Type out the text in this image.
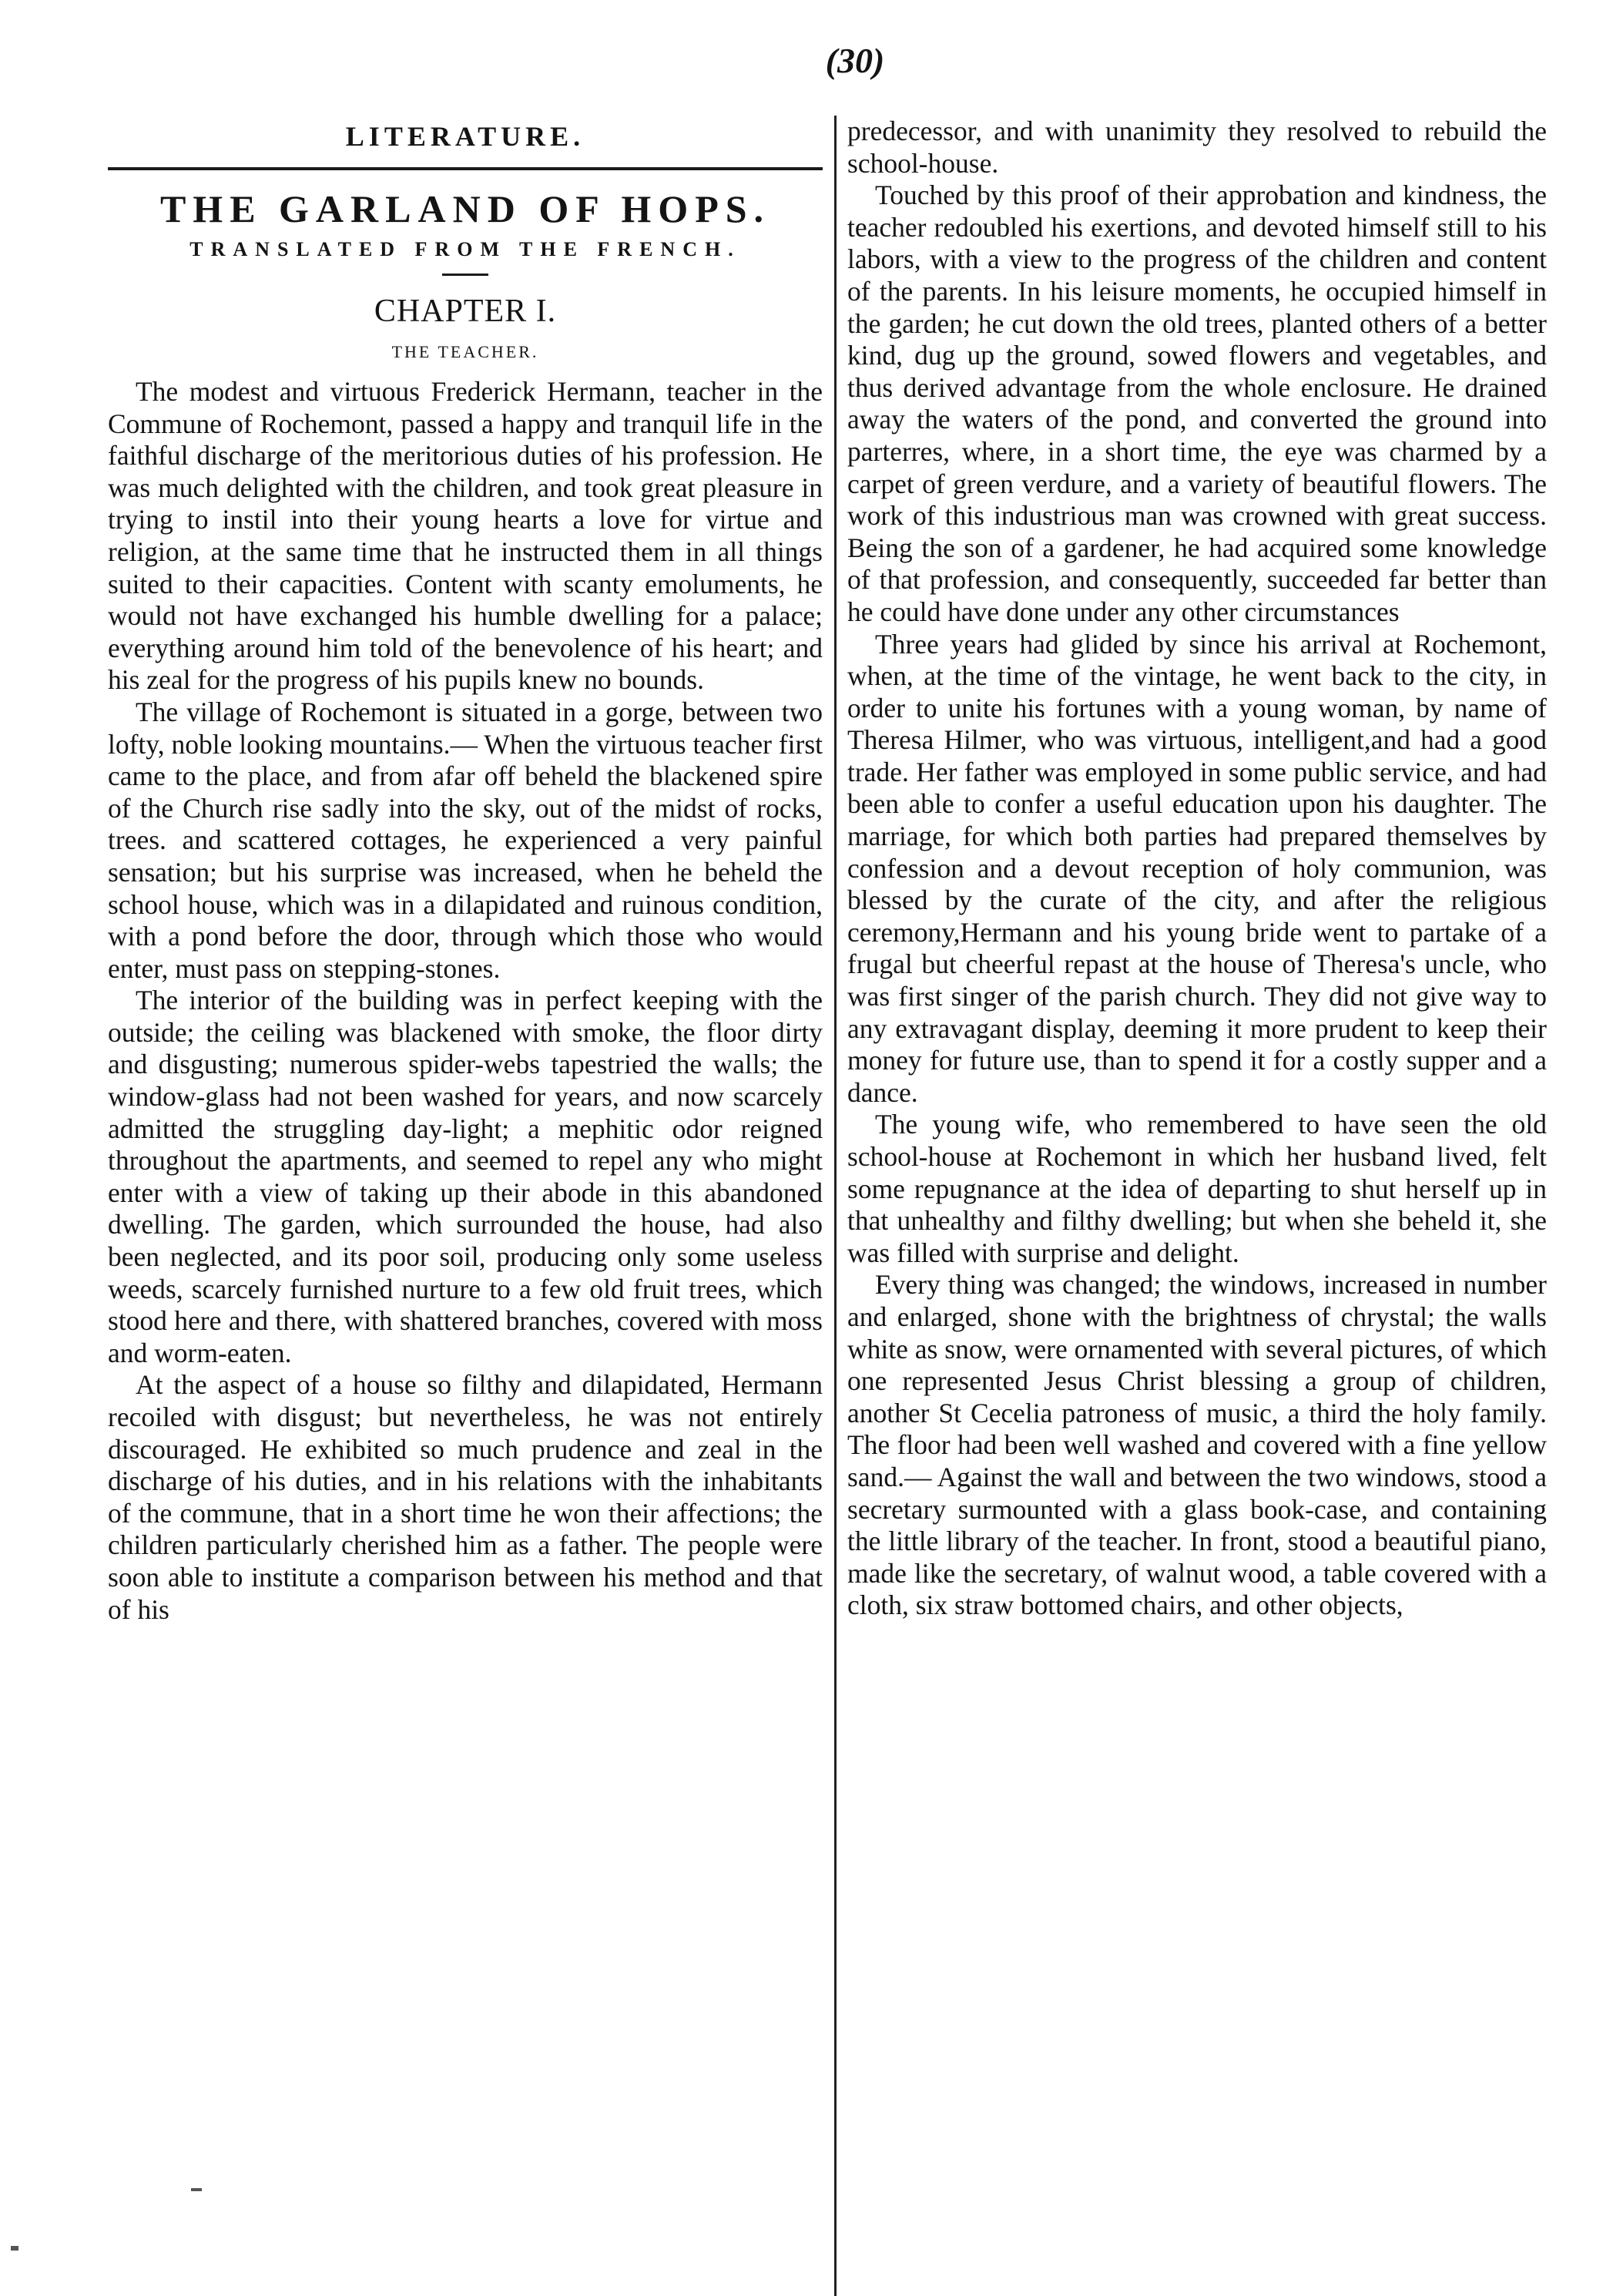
(30)
LITERATURE.
THE GARLAND OF HOPS.
TRANSLATED FROM THE FRENCH.
CHAPTER I.
THE TEACHER.

The modest and virtuous Frederick Hermann, teacher in the Commune of Rochemont, passed a happy and tranquil life in the faithful discharge of the meritorious duties of his profession. He was much delighted with the children, and took great pleasure in trying to instil into their young hearts a love for virtue and religion, at the same time that he instructed them in all things suited to their capacities. Content with scanty emoluments, he would not have exchanged his humble dwelling for a palace; everything around him told of the benevolence of his heart; and his zeal for the progress of his pupils knew no bounds.

The village of Rochemont is situated in a gorge, between two lofty, noble looking mountains.— When the virtuous teacher first came to the place, and from afar off beheld the blackened spire of the Church rise sadly into the sky, out of the midst of rocks, trees. and scattered cottages, he experienced a very painful sensation; but his surprise was increased, when he beheld the school house, which was in a dilapidated and ruinous condition, with a pond before the door, through which those who would enter, must pass on stepping-stones.

The interior of the building was in perfect keeping with the outside; the ceiling was blackened with smoke, the floor dirty and disgusting; numerous spider-webs tapestried the walls; the window-glass had not been washed for years, and now scarcely admitted the struggling day-light; a mephitic odor reigned throughout the apartments, and seemed to repel any who might enter with a view of taking up their abode in this abandoned dwelling. The garden, which surrounded the house, had also been neglected, and its poor soil, producing only some useless weeds, scarcely furnished nurture to a few old fruit trees, which stood here and there, with shattered branches, covered with moss and worm-eaten.

At the aspect of a house so filthy and dilapidated, Hermann recoiled with disgust; but nevertheless, he was not entirely discouraged. He exhibited so much prudence and zeal in the discharge of his duties, and in his relations with the inhabitants of the commune, that in a short time he won their affections; the children particularly cherished him as a father. The people were soon able to institute a comparison between his method and that of his

predecessor, and with unanimity they resolved to rebuild the school-house.

Touched by this proof of their approbation and kindness, the teacher redoubled his exertions, and devoted himself still to his labors, with a view to the progress of the children and content of the parents. In his leisure moments, he occupied himself in the garden; he cut down the old trees, planted others of a better kind, dug up the ground, sowed flowers and vegetables, and thus derived advantage from the whole enclosure. He drained away the waters of the pond, and converted the ground into parterres, where, in a short time, the eye was charmed by a carpet of green verdure, and a variety of beautiful flowers. The work of this industrious man was crowned with great success. Being the son of a gardener, he had acquired some knowledge of that profession, and consequently, succeeded far better than he could have done under any other circumstances

Three years had glided by since his arrival at Rochemont, when, at the time of the vintage, he went back to the city, in order to unite his fortunes with a young woman, by name of Theresa Hilmer, who was virtuous, intelligent,and had a good trade. Her father was employed in some public service, and had been able to confer a useful education upon his daughter. The marriage, for which both parties had prepared themselves by confession and a devout reception of holy communion, was blessed by the curate of the city, and after the religious ceremony,Hermann and his young bride went to partake of a frugal but cheerful repast at the house of Theresa's uncle, who was first singer of the parish church. They did not give way to any extravagant display, deeming it more prudent to keep their money for future use, than to spend it for a costly supper and a dance.

The young wife, who remembered to have seen the old school-house at Rochemont in which her husband lived, felt some repugnance at the idea of departing to shut herself up in that unhealthy and filthy dwelling; but when she beheld it, she was filled with surprise and delight.

Every thing was changed; the windows, increased in number and enlarged, shone with the brightness of chrystal; the walls white as snow, were ornamented with several pictures, of which one represented Jesus Christ blessing a group of children, another St Cecelia patroness of music, a third the holy family. The floor had been well washed and covered with a fine yellow sand.— Against the wall and between the two windows, stood a secretary surmounted with a glass book-case, and containing the little library of the teacher. In front, stood a beautiful piano, made like the secretary, of walnut wood, a table covered with a cloth, six straw bottomed chairs, and other objects,
